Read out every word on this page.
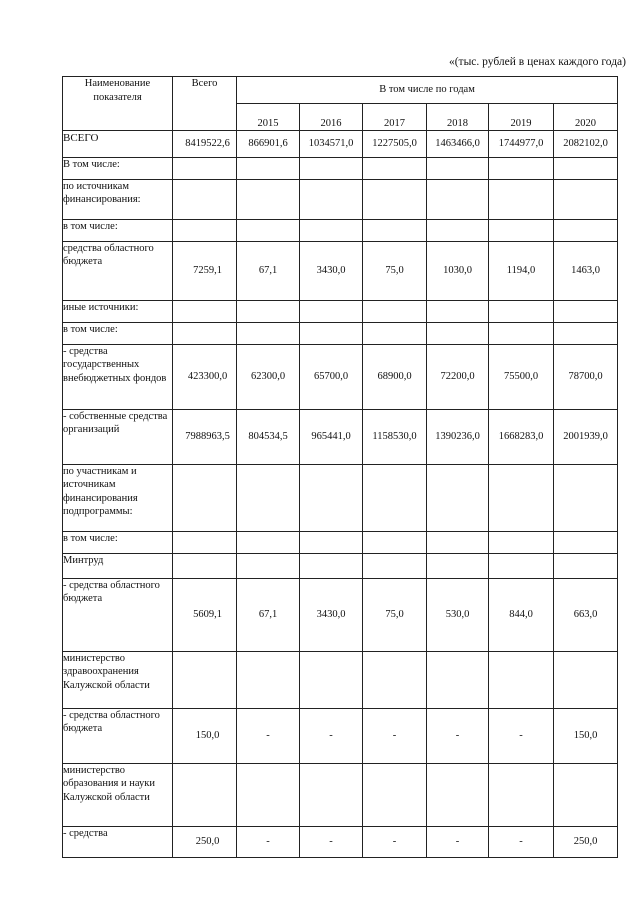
«(тыс. рублей в ценах каждого года)
Наименование показателя	Всего	В том числе по годам					
		2015	2016	2017	2018	2019	2020
ВСЕГО	8419522,6	866901,6	1034571,0	1227505,0	1463466,0	1744977,0	2082102,0
В том числе:							
по источникам финансирования:							
в том числе:							
средства областного бюджета	7259,1	67,1	3430,0	75,0	1030,0	1194,0	1463,0
иные источники:							
в том числе:							
- средства государственных внебюджетных фондов	423300,0	62300,0	65700,0	68900,0	72200,0	75500,0	78700,0
- собственные средства организаций	7988963,5	804534,5	965441,0	1158530,0	1390236,0	1668283,0	2001939,0
по участникам и источникам финансирования подпрограммы:							
в том числе:							
Минтруд							
- средства областного бюджета	5609,1	67,1	3430,0	75,0	530,0	844,0	663,0
министерство здравоохранения Калужской области							
- средства областного бюджета	150,0	-	-	-	-	-	150,0
министерство образования и науки Калужской области							
- средства	250,0	-	-	-	-	-	250,0
